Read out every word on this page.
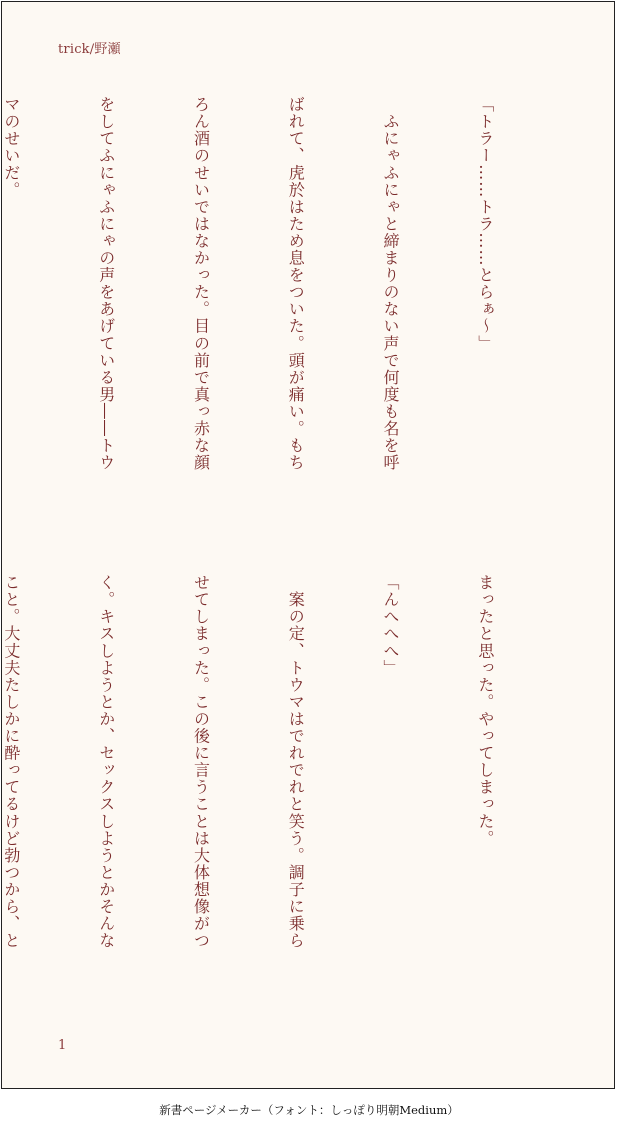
trick/野瀬

「トラー……トラ……とらぁ～」

　ふにゃふにゃと締まりのない声で何度も名を呼

ばれて、虎於はため息をついた。頭が痛い。もち

ろん酒のせいではなかった。目の前で真っ赤な顔

をしてふにゃふにゃの声をあげている男――トウ

マのせいだ。

まったと思った。やってしまった。

「んへへへ」

　案の定、トウマはでれでれと笑う。調子に乗ら

せてしまった。この後に言うことは大体想像がつ

く。キスしようとか、セックスしようとかそんな

こと。大丈夫たしかに酔ってるけど勃つから、と

1
新書ページメーカー（フォント：しっぽり明朝Medium）
